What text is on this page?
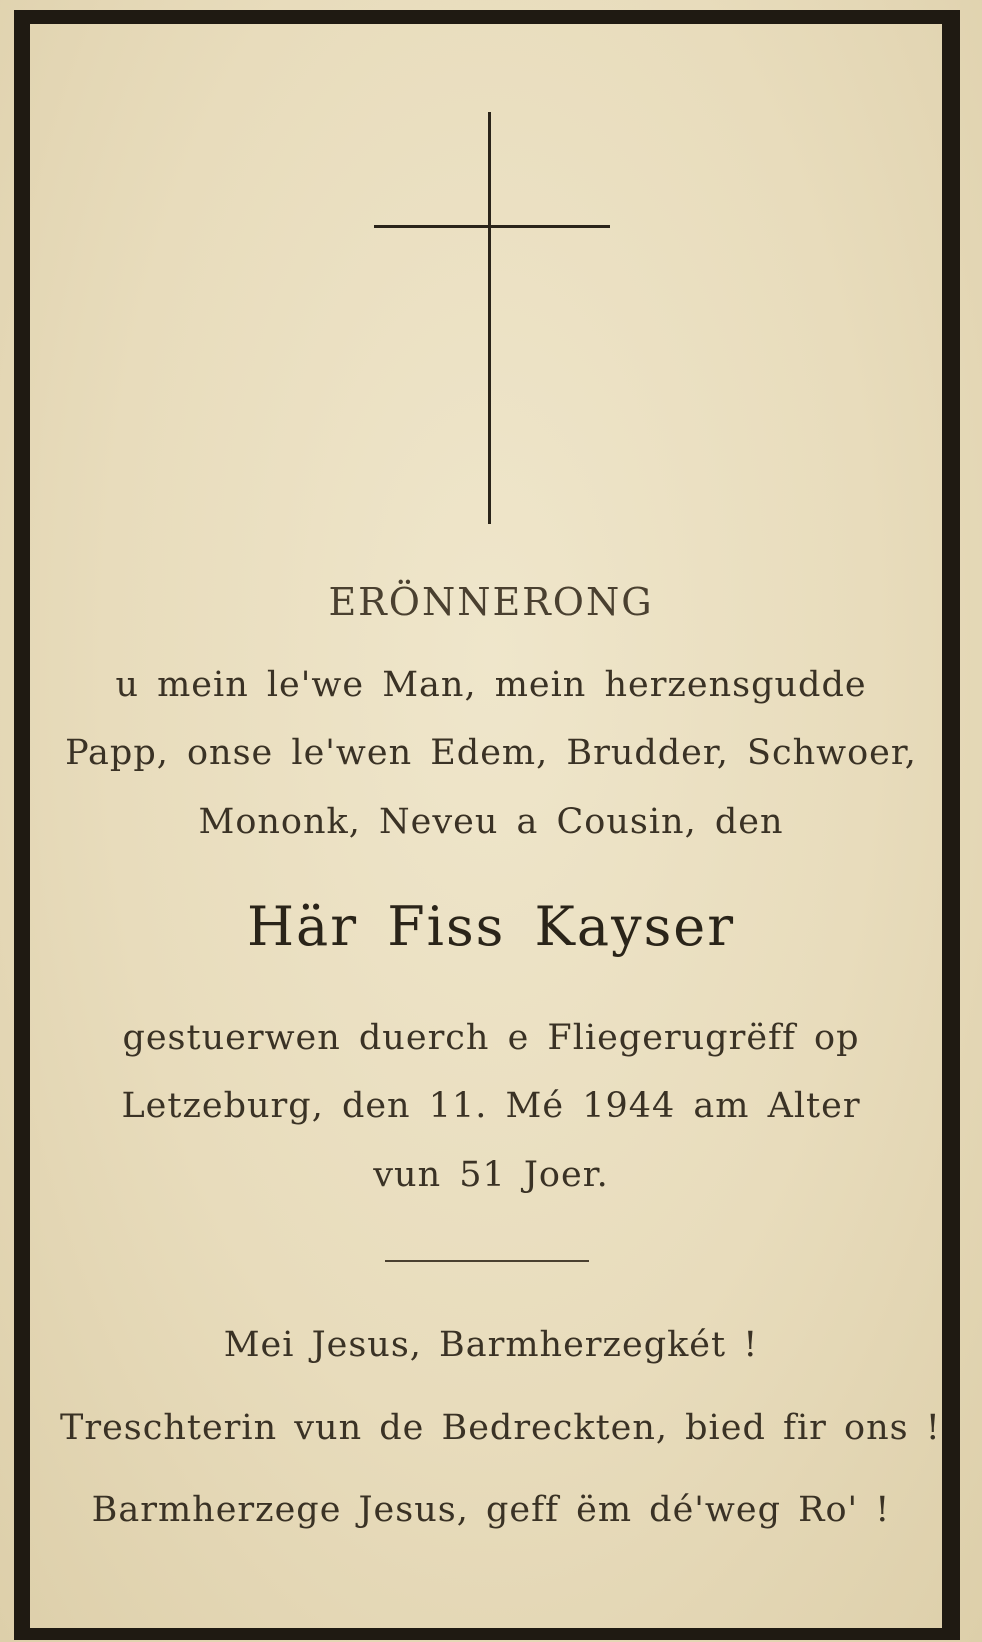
ERÖNNERONG
u mein le'we Man, mein herzensgudde
Papp, onse le'wen Edem, Brudder, Schwoer,
Mononk, Neveu a Cousin, den
Här Fiss Kayser
gestuerwen duerch e Fliegerugrëff op
Letzeburg, den 11. Mé 1944 am Alter
vun 51 Joer.
Mei Jesus, Barmherzegkét !
Treschterin vun de Bedreckten, bied fir ons !
Barmherzege Jesus, geff ëm dé'weg Ro' !
